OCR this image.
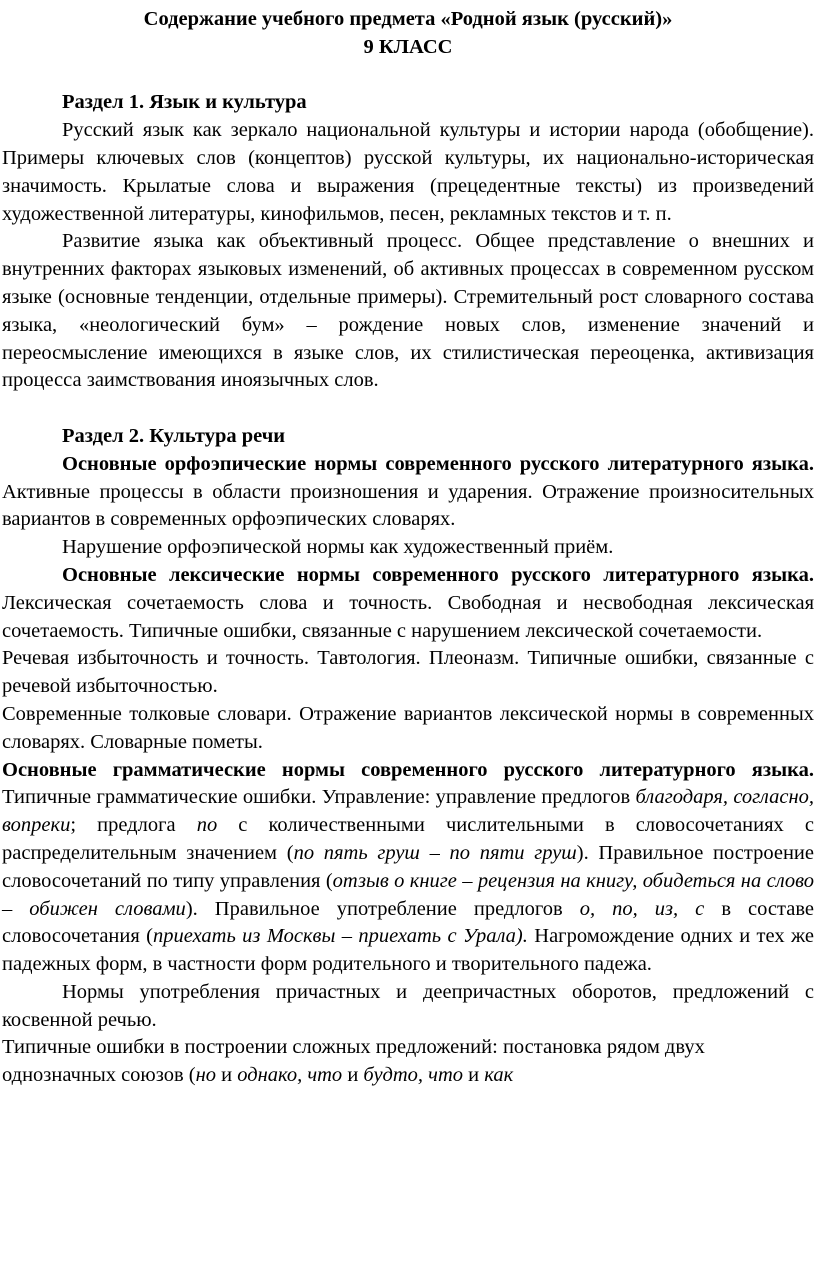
Содержание учебного предмета «Родной язык (русский)»

9 КЛАСС

Раздел 1. Язык и культура

Русский язык как зеркало национальной культуры и истории народа (обобщение). Примеры ключевых слов (концептов) русской культуры, их национально-историческая значимость. Крылатые слова и выражения (прецедентные тексты) из произведений художественной литературы, кинофильмов, песен, рекламных текстов и т. п.

Развитие языка как объективный процесс. Общее представление о внешних и внутренних факторах языковых изменений, об активных процессах в современном русском языке (основные тенденции, отдельные примеры). Стремительный рост словарного состава языка, «неологический бум» – рождение новых слов, изменение значений и переосмысление имеющихся в языке слов, их стилистическая переоценка, активизация процесса заимствования иноязычных слов.

Раздел 2. Культура речи

Основные орфоэпические нормы современного русского литературного языка. Активные процессы в области произношения и ударения. Отражение произносительных вариантов в современных орфоэпических словарях.

Нарушение орфоэпической нормы как художественный приём.

Основные лексические нормы современного русского литературного языка. Лексическая сочетаемость слова и точность. Свободная и несвободная лексическая сочетаемость. Типичные ошибки, связанные с нарушением лексической сочетаемости.

Речевая избыточность и точность. Тавтология. Плеоназм. Типичные ошибки, связанные с речевой избыточностью.

Современные толковые словари. Отражение вариантов лексической нормы в современных словарях. Словарные пометы.

Основные грамматические нормы современного русского литературного языка. Типичные грамматические ошибки. Управление: управление предлогов благодаря, согласно, вопреки; предлога по с количественными числительными в словосочетаниях с распределительным значением (по пять груш – по пяти груш). Правильное построение словосочетаний по типу управления (отзыв о книге – рецензия на книгу, обидеться на слово – обижен словами). Правильное употребление предлогов о, по, из, с в составе словосочетания (приехать из Москвы – приехать с Урала). Нагромождение одних и тех же падежных форм, в частности форм родительного и творительного падежа.

Нормы употребления причастных и деепричастных оборотов, предложений с косвенной речью.

Типичные ошибки в построении сложных предложений: постановка рядом двух однозначных союзов (но и однако, что и будто, что и как
